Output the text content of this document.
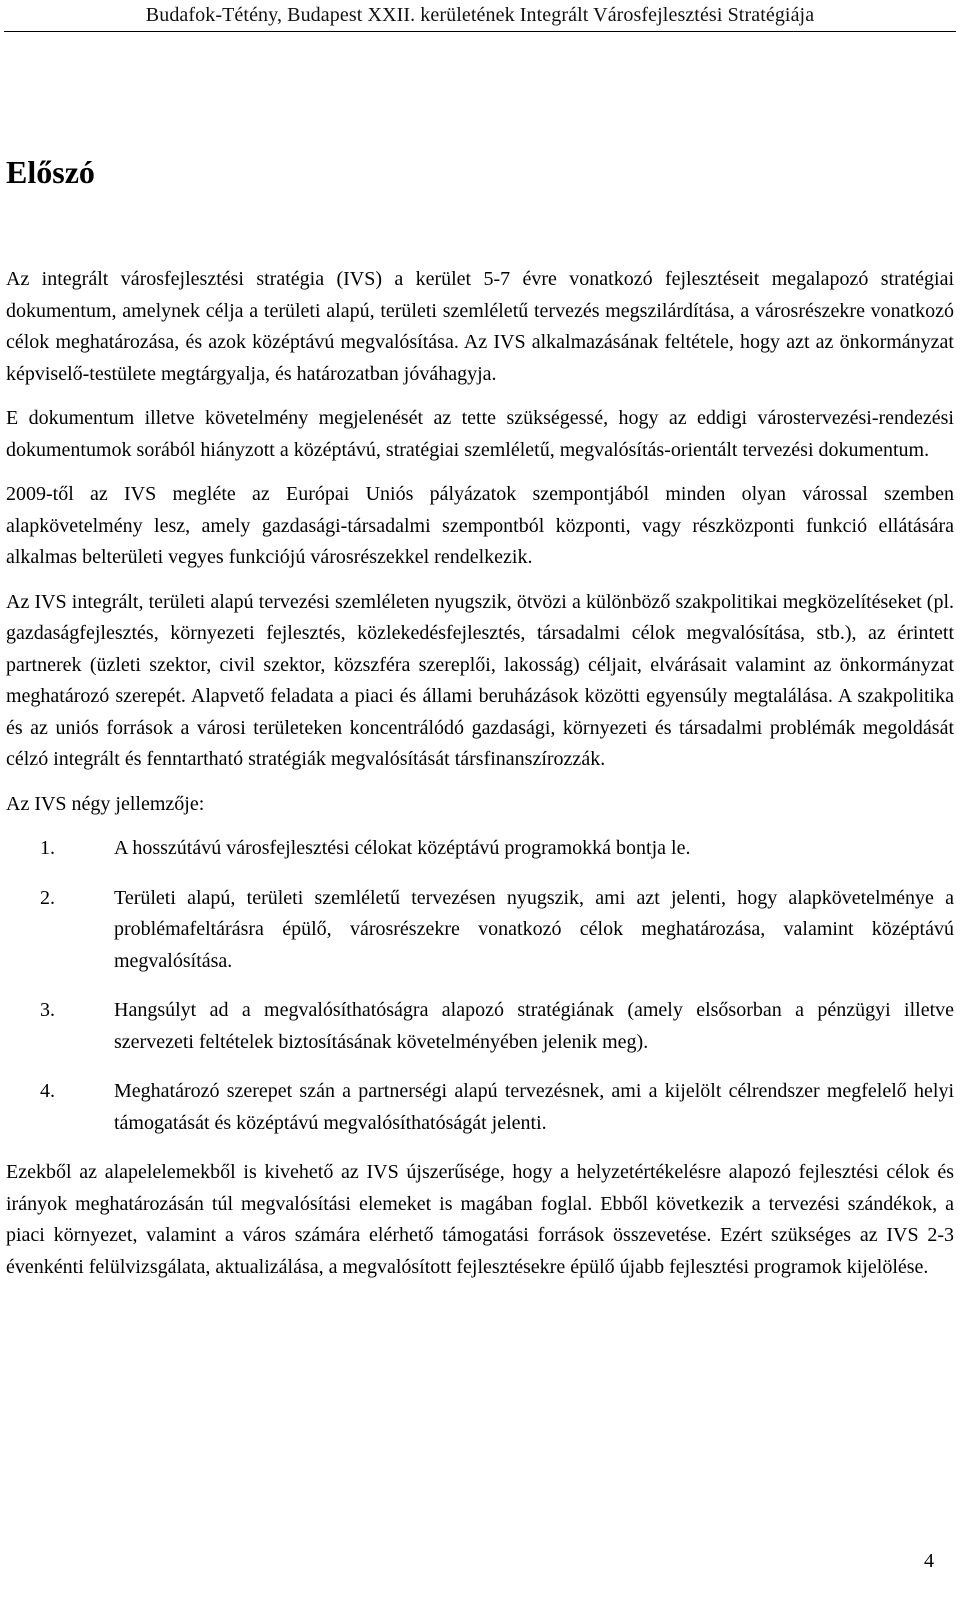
Budafok-Tétény, Budapest XXII. kerületének Integrált Városfejlesztési Stratégiája
Előszó

Az integrált városfejlesztési stratégia (IVS) a kerület 5-7 évre vonatkozó fejlesztéseit megalapozó stratégiai dokumentum, amelynek célja a területi alapú, területi szemléletű tervezés megszilárdítása, a városrészekre vonatkozó célok meghatározása, és azok középtávú megvalósítása. Az IVS alkalmazásának feltétele, hogy azt az önkormányzat képviselő-testülete megtárgyalja, és határozatban jóváhagyja.

E dokumentum illetve követelmény megjelenését az tette szükségessé, hogy az eddigi várostervezési-rendezési dokumentumok sorából hiányzott a középtávú, stratégiai szemléletű, megvalósítás-orientált tervezési dokumentum.

2009-től az IVS megléte az Európai Uniós pályázatok szempontjából minden olyan várossal szemben alapkövetelmény lesz, amely gazdasági-társadalmi szempontból központi, vagy részközponti funkció ellátására alkalmas belterületi vegyes funkciójú városrészekkel rendelkezik.

Az IVS integrált, területi alapú tervezési szemléleten nyugszik, ötvözi a különböző szakpolitikai megközelítéseket (pl. gazdaságfejlesztés, környezeti fejlesztés, közlekedésfejlesztés, társadalmi célok megvalósítása, stb.), az érintett partnerek (üzleti szektor, civil szektor, közszféra szereplői, lakosság) céljait, elvárásait valamint az önkormányzat meghatározó szerepét. Alapvető feladata a piaci és állami beruházások közötti egyensúly megtalálása. A szakpolitika és az uniós források a városi területeken koncentrálódó gazdasági, környezeti és társadalmi problémák megoldását célzó integrált és fenntartható stratégiák megvalósítását társfinanszírozzák.

Az IVS négy jellemzője:

1.	A hosszútávú városfejlesztési célokat középtávú programokká bontja le.
2.	Területi alapú, területi szemléletű tervezésen nyugszik, ami azt jelenti, hogy alapkövetelménye a problémafeltárásra épülő, városrészekre vonatkozó célok meghatározása, valamint középtávú megvalósítása.
3.	Hangsúlyt ad a megvalósíthatóságra alapozó stratégiának (amely elsősorban a pénzügyi illetve szervezeti feltételek biztosításának követelményében jelenik meg).
4.	Meghatározó szerepet szán a partnerségi alapú tervezésnek, ami a kijelölt célrendszer megfelelő helyi támogatását és középtávú megvalósíthatóságát jelenti.

Ezekből az alapelelemekből is kivehető az IVS újszerűsége, hogy a helyzetértékelésre alapozó fejlesztési célok és irányok meghatározásán túl megvalósítási elemeket is magában foglal. Ebből következik a tervezési szándékok, a piaci környezet, valamint a város számára elérhető támogatási források összevetése. Ezért szükséges az IVS 2-3 évenkénti felülvizsgálata, aktualizálása, a megvalósított fejlesztésekre épülő újabb fejlesztési programok kijelölése.

4
